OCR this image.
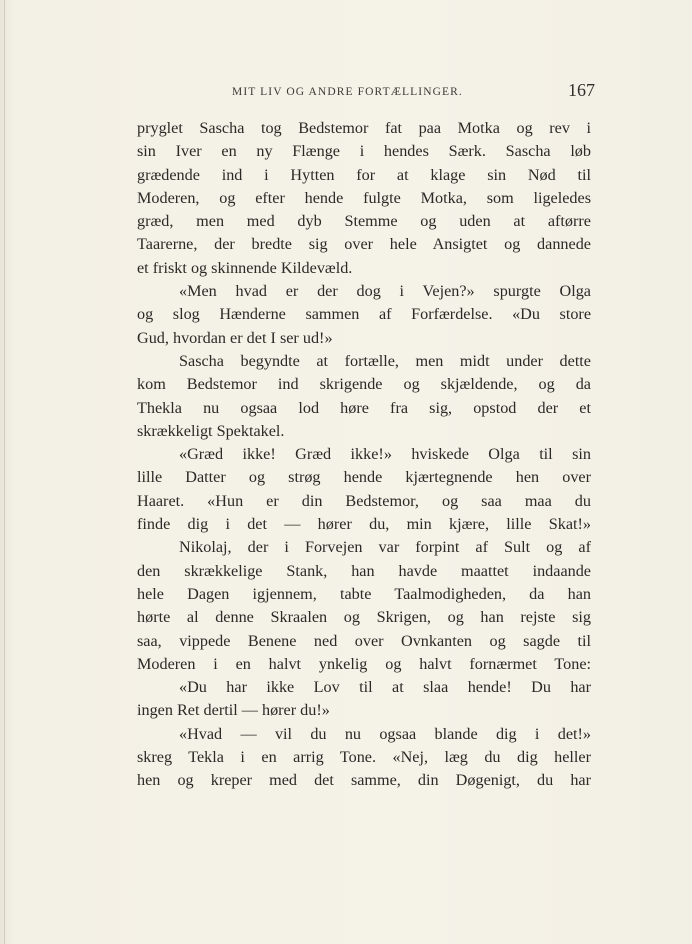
MIT LIV OG ANDRE FORTÆLLINGER.	167
pryglet Sascha tog Bedstemor fat paa Motka og rev i
sin Iver en ny Flænge i hendes Særk. Sascha løb
grædende ind i Hytten for at klage sin Nød til
Moderen, og efter hende fulgte Motka, som ligeledes
græd, men med dyb Stemme og uden at aftørre
Taarerne, der bredte sig over hele Ansigtet og dannede
et friskt og skinnende Kildevæld.
«Men hvad er der dog i Vejen?» spurgte Olga
og slog Hænderne sammen af Forfærdelse. «Du store
Gud, hvordan er det I ser ud!»
Sascha begyndte at fortælle, men midt under dette
kom Bedstemor ind skrigende og skjældende, og da
Thekla nu ogsaa lod høre fra sig, opstod der et
skrækkeligt Spektakel.
«Græd ikke! Græd ikke!» hviskede Olga til sin
lille Datter og strøg hende kjærtegnende hen over
Haaret. «Hun er din Bedstemor, og saa maa du
finde dig i det — hører du, min kjære, lille Skat!»
Nikolaj, der i Forvejen var forpint af Sult og af
den skrækkelige Stank, han havde maattet indaande
hele Dagen igjennem, tabte Taalmodigheden, da han
hørte al denne Skraalen og Skrigen, og han rejste sig
saa, vippede Benene ned over Ovnkanten og sagde til
Moderen i en halvt ynkelig og halvt fornærmet Tone:
«Du har ikke Lov til at slaa hende! Du har
ingen Ret dertil — hører du!»
«Hvad — vil du nu ogsaa blande dig i det!»
skreg Tekla i en arrig Tone. «Nej, læg du dig heller
hen og kreper med det samme, din Døgenigt, du har
